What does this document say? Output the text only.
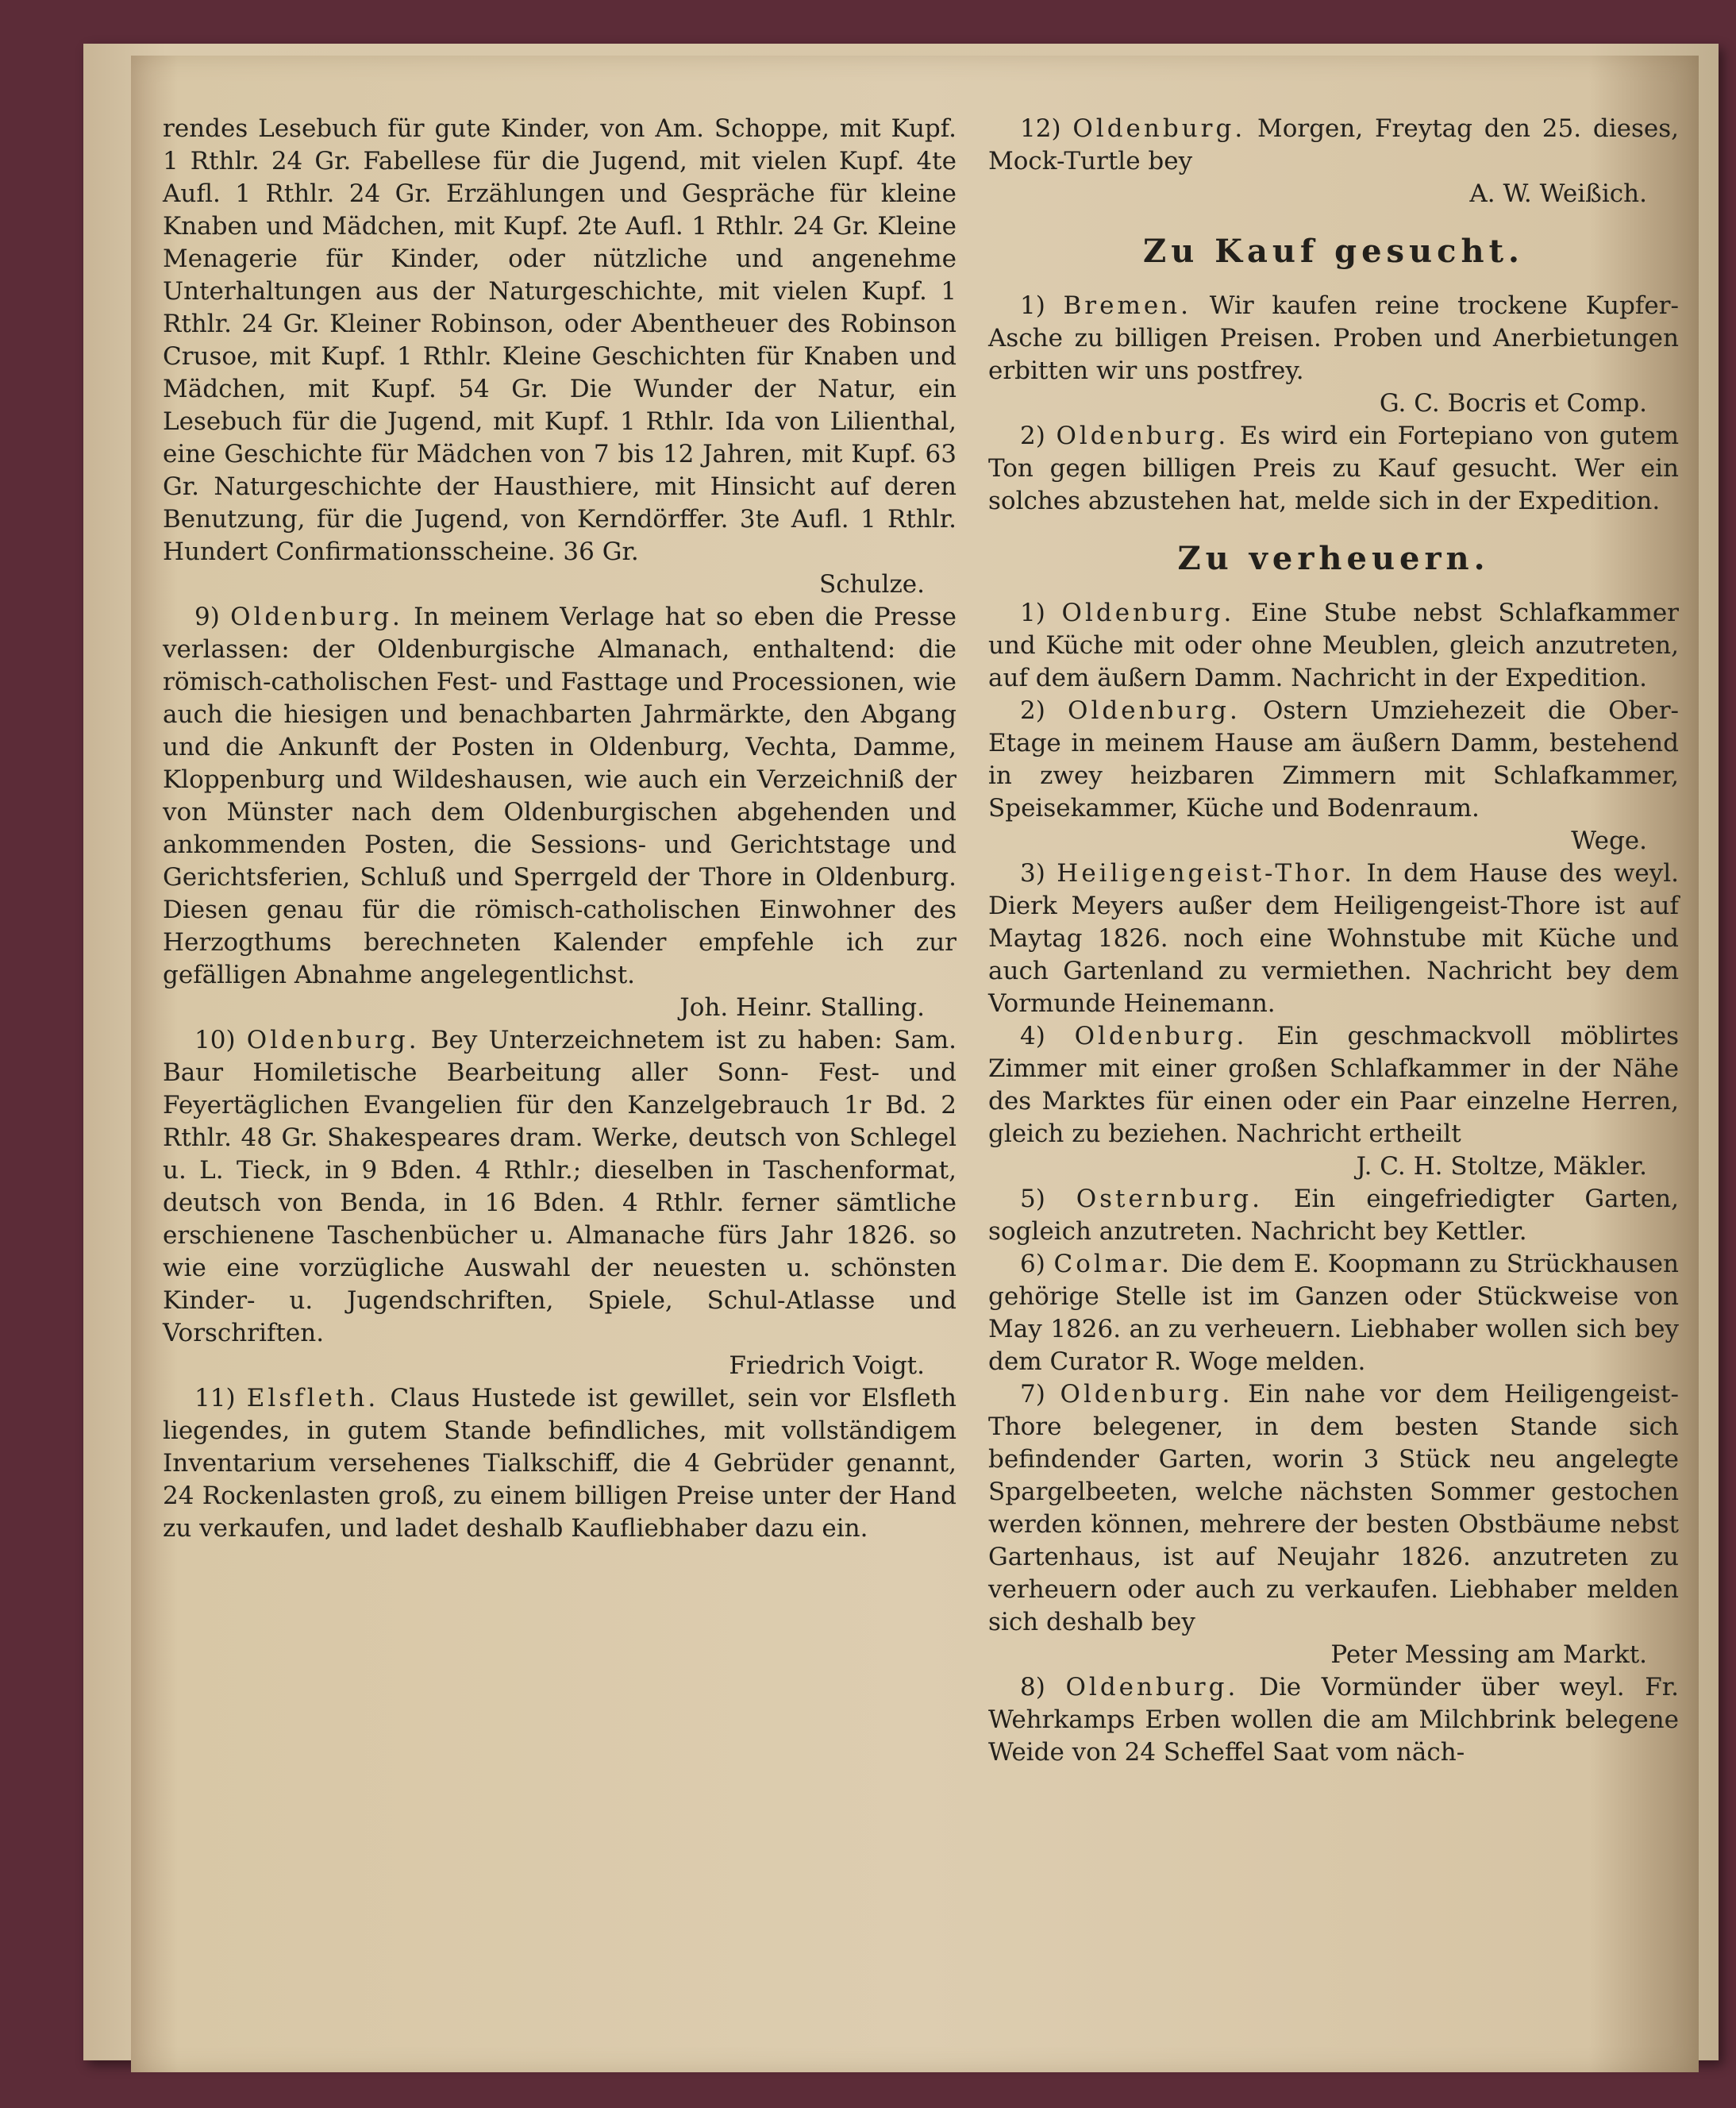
rendes Lesebuch für gute Kinder, von Am. Schoppe, mit Kupf. 1 Rthlr. 24 Gr. Fabellese für die Jugend, mit vielen Kupf. 4te Aufl. 1 Rthlr. 24 Gr. Erzählungen und Gespräche für kleine Knaben und Mädchen, mit Kupf. 2te Aufl. 1 Rthlr. 24 Gr. Kleine Menagerie für Kinder, oder nützliche und angenehme Unterhaltungen aus der Naturgeschichte, mit vielen Kupf. 1 Rthlr. 24 Gr. Kleiner Robinson, oder Abentheuer des Robinson Crusoe, mit Kupf. 1 Rthlr. Kleine Geschichten für Knaben und Mädchen, mit Kupf. 54 Gr. Die Wunder der Natur, ein Lesebuch für die Jugend, mit Kupf. 1 Rthlr. Ida von Lilienthal, eine Geschichte für Mädchen von 7 bis 12 Jahren, mit Kupf. 63 Gr. Naturgeschichte der Hausthiere, mit Hinsicht auf deren Benutzung, für die Jugend, von Kerndörffer. 3te Aufl. 1 Rthlr. Hundert Confirmationsscheine. 36 Gr.

Schulze.

9) Oldenburg. In meinem Verlage hat so eben die Presse verlassen: der Oldenburgische Almanach, enthaltend: die römisch-catholischen Fest- und Fasttage und Processionen, wie auch die hiesigen und benachbarten Jahrmärkte, den Abgang und die Ankunft der Posten in Oldenburg, Vechta, Damme, Kloppenburg und Wildeshausen, wie auch ein Verzeichniß der von Münster nach dem Oldenburgischen abgehenden und ankommenden Posten, die Sessions- und Gerichtstage und Gerichtsferien, Schluß und Sperrgeld der Thore in Oldenburg. Diesen genau für die römisch-catholischen Einwohner des Herzogthums berechneten Kalender empfehle ich zur gefälligen Abnahme angelegentlichst.

Joh. Heinr. Stalling.

10) Oldenburg. Bey Unterzeichnetem ist zu haben: Sam. Baur Homiletische Bearbeitung aller Sonn- Fest- und Feyertäglichen Evangelien für den Kanzelgebrauch 1r Bd. 2 Rthlr. 48 Gr. Shakespeares dram. Werke, deutsch von Schlegel u. L. Tieck, in 9 Bden. 4 Rthlr.; dieselben in Taschenformat, deutsch von Benda, in 16 Bden. 4 Rthlr. ferner sämtliche erschienene Taschenbücher u. Almanache fürs Jahr 1826. so wie eine vorzügliche Auswahl der neuesten u. schönsten Kinder- u. Jugendschriften, Spiele, Schul-Atlasse und Vorschriften.

Friedrich Voigt.

11) Elsfleth. Claus Hustede ist gewillet, sein vor Elsfleth liegendes, in gutem Stande befindliches, mit vollständigem Inventarium versehenes Tialkschiff, die 4 Gebrüder genannt, 24 Rockenlasten groß, zu einem billigen Preise unter der Hand zu verkaufen, und ladet deshalb Kaufliebhaber dazu ein.

12) Oldenburg. Morgen, Freytag den 25. dieses, Mock-Turtle bey

A. W. Weißich.

Zu Kauf gesucht.

1) Bremen. Wir kaufen reine trockene Kupfer-Asche zu billigen Preisen. Proben und Anerbietungen erbitten wir uns postfrey.

G. C. Bocris et Comp.

2) Oldenburg. Es wird ein Fortepiano von gutem Ton gegen billigen Preis zu Kauf gesucht. Wer ein solches abzustehen hat, melde sich in der Expedition.

Zu verheuern.

1) Oldenburg. Eine Stube nebst Schlafkammer und Küche mit oder ohne Meublen, gleich anzutreten, auf dem äußern Damm. Nachricht in der Expedition.

2) Oldenburg. Ostern Umziehezeit die Ober-Etage in meinem Hause am äußern Damm, bestehend in zwey heizbaren Zimmern mit Schlafkammer, Speisekammer, Küche und Bodenraum.

Wege.

3) Heiligengeist-Thor. In dem Hause des weyl. Dierk Meyers außer dem Heiligengeist-Thore ist auf Maytag 1826. noch eine Wohnstube mit Küche und auch Gartenland zu vermiethen. Nachricht bey dem Vormunde Heinemann.

4) Oldenburg. Ein geschmackvoll möblirtes Zimmer mit einer großen Schlafkammer in der Nähe des Marktes für einen oder ein Paar einzelne Herren, gleich zu beziehen. Nachricht ertheilt

J. C. H. Stoltze, Mäkler.

5) Osternburg. Ein eingefriedigter Garten, sogleich anzutreten. Nachricht bey Kettler.

6) Colmar. Die dem E. Koopmann zu Strückhausen gehörige Stelle ist im Ganzen oder Stückweise von May 1826. an zu verheuern. Liebhaber wollen sich bey dem Curator R. Woge melden.

7) Oldenburg. Ein nahe vor dem Heiligengeist-Thore belegener, in dem besten Stande sich befindender Garten, worin 3 Stück neu angelegte Spargelbeeten, welche nächsten Sommer gestochen werden können, mehrere der besten Obstbäume nebst Gartenhaus, ist auf Neujahr 1826. anzutreten zu verheuern oder auch zu verkaufen. Liebhaber melden sich deshalb bey

Peter Messing am Markt.

8) Oldenburg. Die Vormünder über weyl. Fr. Wehrkamps Erben wollen die am Milchbrink belegene Weide von 24 Scheffel Saat vom näch-
